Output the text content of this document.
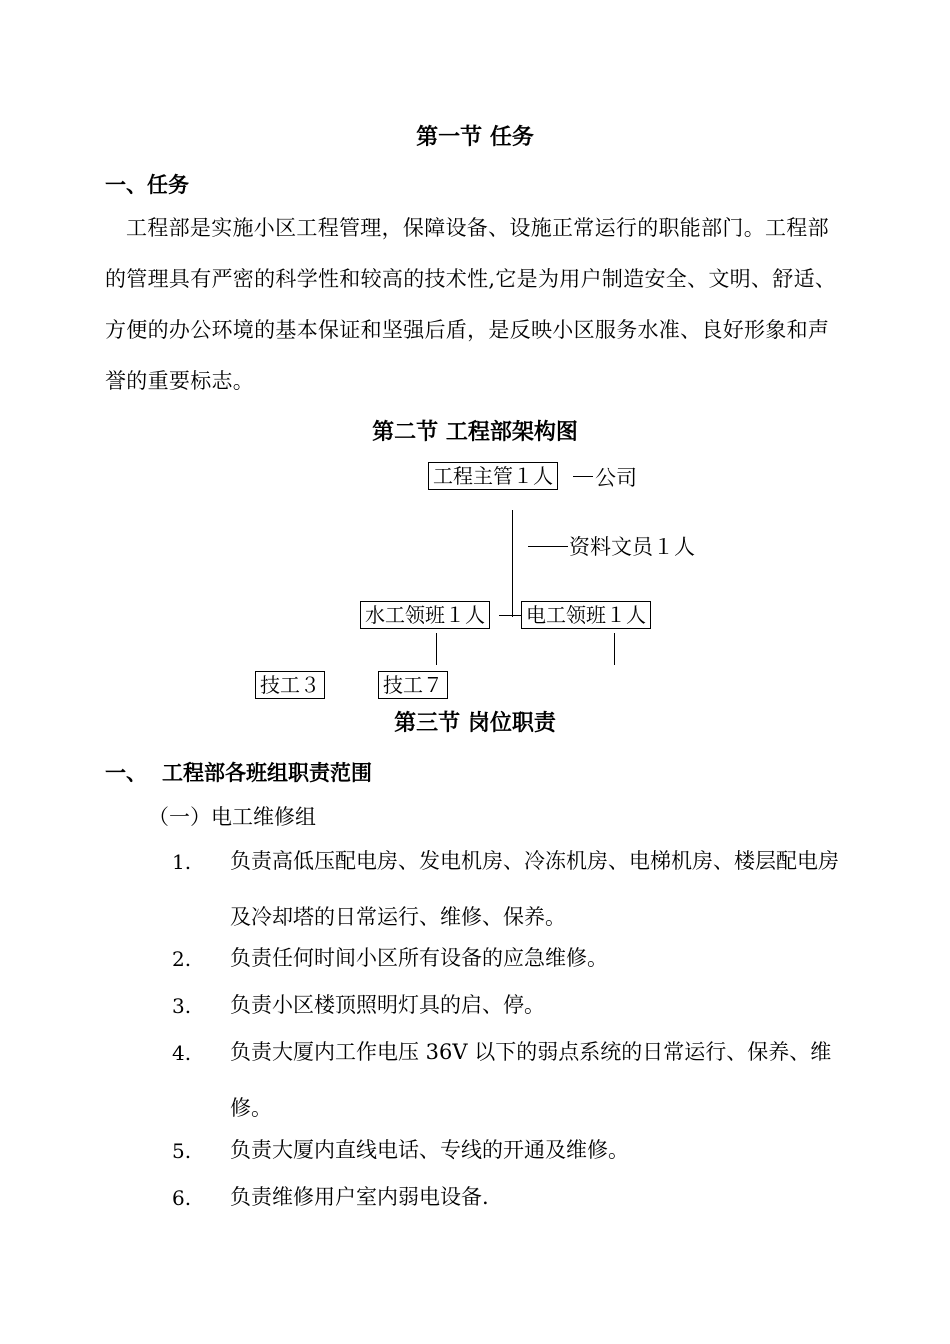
第一节 任务
一、任务
工程部是实施小区工程管理，保障设备、设施正常运行的职能部门。工程部的管理具有严密的科学性和较高的技术性,它是为用户制造安全、文明、舒适、方便的办公环境的基本保证和坚强后盾，是反映小区服务水准、良好形象和声誉的重要标志。
第二节 工程部架构图
工程主管１人 公司
资料文员１人
水工领班１人 电工领班１人
技工３	技工７
第三节 岗位职责
一、 工程部各班组职责范围
（一）电工维修组
1. 负责高低压配电房、发电机房、冷冻机房、电梯机房、楼层配电房及冷却塔的日常运行、维修、保养。
2. 负责任何时间小区所有设备的应急维修。
3. 负责小区楼顶照明灯具的启、停。
4. 负责大厦内工作电压 36V 以下的弱点系统的日常运行、保养、维修。
5. 负责大厦内直线电话、专线的开通及维修。
6. 负责维修用户室内弱电设备.
